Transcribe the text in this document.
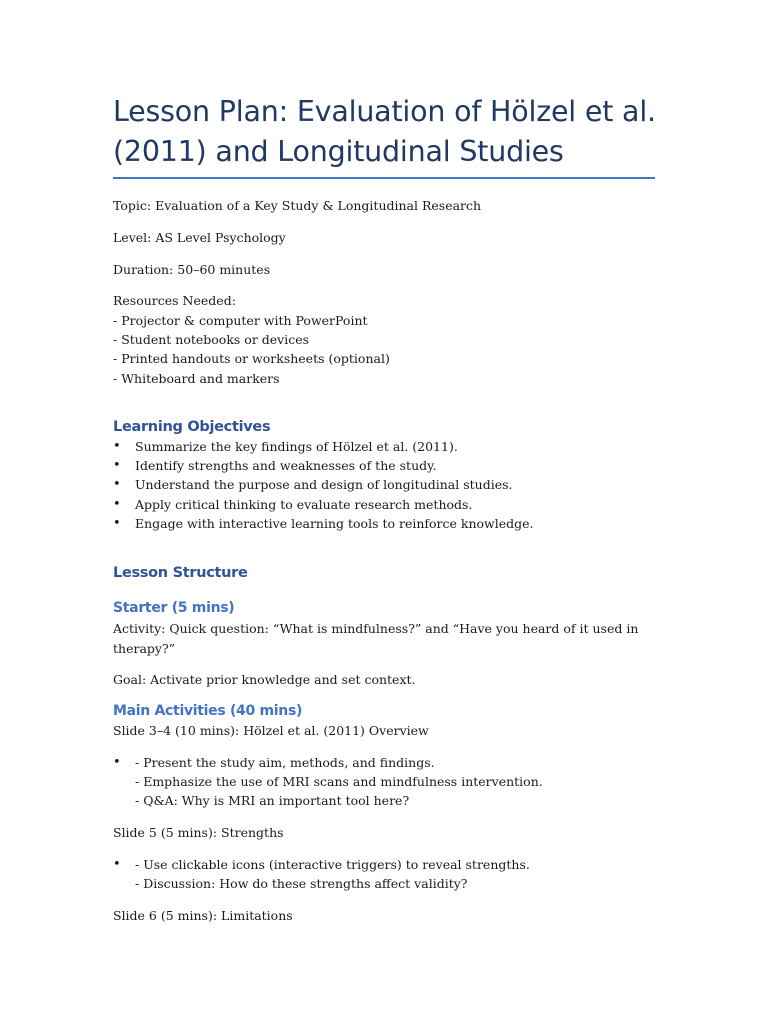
Lesson Plan: Evaluation of Hölzel et al. (2011) and Longitudinal Studies

Topic: Evaluation of a Key Study & Longitudinal Research

Level: AS Level Psychology

Duration: 50–60 minutes

Resources Needed:

- Projector & computer with PowerPoint

- Student notebooks or devices

- Printed handouts or worksheets (optional)

- Whiteboard and markers

Learning Objectives
• Summarize the key findings of Hölzel et al. (2011).
• Identify strengths and weaknesses of the study.
• Understand the purpose and design of longitudinal studies.
• Apply critical thinking to evaluate research methods.
• Engage with interactive learning tools to reinforce knowledge.
Lesson Structure
Starter (5 mins)

Activity: Quick question: “What is mindfulness?” and “Have you heard of it used in therapy?”

Goal: Activate prior knowledge and set context.

Main Activities (40 mins)

Slide 3–4 (10 mins): Hölzel et al. (2011) Overview

• - Present the study aim, methods, and findings.
- Emphasize the use of MRI scans and mindfulness intervention.
- Q&A: Why is MRI an important tool here?

Slide 5 (5 mins): Strengths

• - Use clickable icons (interactive triggers) to reveal strengths.
- Discussion: How do these strengths affect validity?

Slide 6 (5 mins): Limitations
